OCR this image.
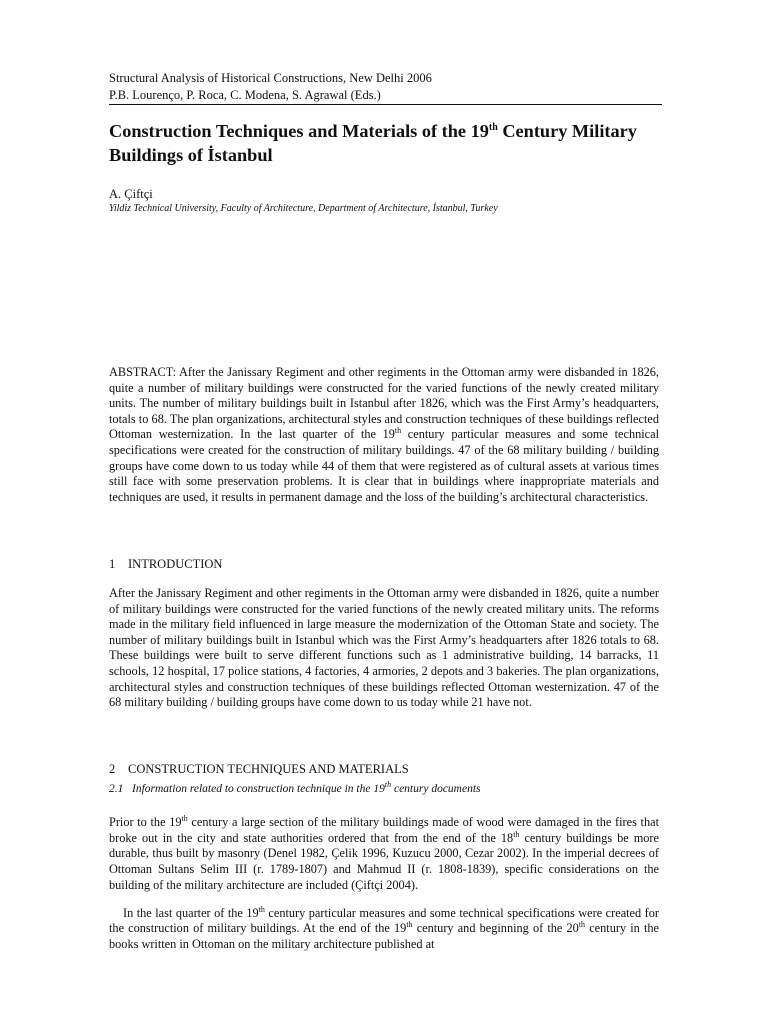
Structural Analysis of Historical Constructions, New Delhi 2006
P.B. Lourenço, P. Roca, C. Modena, S. Agrawal (Eds.)
Construction Techniques and Materials of the 19th Century Military Buildings of İstanbul
A. Çiftçi
Yildiz Technical University, Faculty of Architecture, Department of Architecture, İstanbul, Turkey

ABSTRACT: After the Janissary Regiment and other regiments in the Ottoman army were disbanded in 1826, quite a number of military buildings were constructed for the varied functions of the newly created military units. The number of military buildings built in Istanbul after 1826, which was the First Army’s headquarters, totals to 68. The plan organizations, architectural styles and construction techniques of these buildings reflected Ottoman westernization. In the last quarter of the 19th century particular measures and some technical specifications were created for the construction of military buildings. 47 of the 68 military building / building groups have come down to us today while 44 of them that were registered as of cultural assets at various times still face with some preservation problems. It is clear that in buildings where inappropriate materials and techniques are used, it results in permanent damage and the loss of the building’s architectural characteristics.

1 INTRODUCTION

After the Janissary Regiment and other regiments in the Ottoman army were disbanded in 1826, quite a number of military buildings were constructed for the varied functions of the newly created military units. The reforms made in the military field influenced in large measure the modernization of the Ottoman State and society. The number of military buildings built in Istanbul which was the First Army’s headquarters after 1826 totals to 68. These buildings were built to serve different functions such as 1 administrative building, 14 barracks, 11 schools, 12 hospital, 17 police stations, 4 factories, 4 armories, 2 depots and 3 bakeries. The plan organizations, architectural styles and construction techniques of these buildings reflected Ottoman westernization. 47 of the 68 military building / building groups have come down to us today while 21 have not.

2 CONSTRUCTION TECHNIQUES AND MATERIALS
2.1 Information related to construction technique in the 19th century documents

Prior to the 19th century a large section of the military buildings made of wood were damaged in the fires that broke out in the city and state authorities ordered that from the end of the 18th century buildings be more durable, thus built by masonry (Denel 1982, Çelik 1996, Kuzucu 2000, Cezar 2002). In the imperial decrees of Ottoman Sultans Selim III (r. 1789-1807) and Mahmud II (r. 1808-1839), specific considerations on the building of the military architecture are included (Çiftçi 2004).

In the last quarter of the 19th century particular measures and some technical specifications were created for the construction of military buildings. At the end of the 19th century and beginning of the 20th century in the books written in Ottoman on the military architecture published at
